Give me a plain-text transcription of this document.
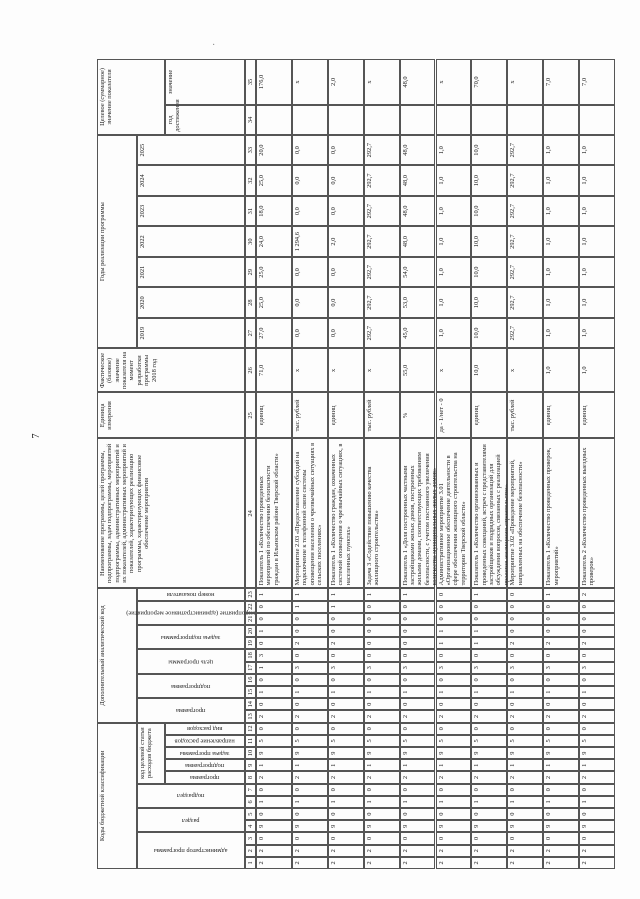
·
7
Коды бюджетной классификации
Дополнительный аналитический код
администратор программы
раздел
подраздел
код целевой статьи расходов бюджета	программа
подпрограмма
задача программы
направление расходов
вид расходов
программа
подпрограмма
цель программы
задача подпрограммы
мероприятие (административное мероприятие)
номер показателя
Наименование программы, целей программы, подпрограммы, задач подпрограммы, мероприятий подпрограммы, административных мероприятий и их показателей, административных мероприятий и показателей, характеризующих реализацию программы, характеризующих финансовое обеспечение мероприятия
Единица измерения
Фактическое (базовое) значение показателя на момент разработки программы 2018 год
Годы реализации программы
2019
2020
2021
2022
2023
2024
2025
Целевое (суммарное) значение показателя	год достижения
значение
1
2
3
4
5
6
7
8
9
10
11
12
13
14
15
16
17
18
19
20
21
22
23
24
25
26
27
28
29
30
31
32
33
34
35
2
2
0
9
0
1
0
2
1
9
5
0
2
0
1
0
1
3
0
1
0
0
1
Показатель 1 «Количество проведенных мероприятий по обеспечению безопасности граждан в Ильинском районе Тверской области»
единиц
71,0
27,0
25,0
25,0
24,0
18,0
25,0
20,0
176,0
2
2
0
9
0
1
0
2
1
9
5
0
2
0
1
0
3
0
2
0
0
1
1
Мероприятие 2.03 «Предоставление субсидий на подключение к телефонной связи системы оповещения населения о чрезвычайных ситуациях в сельских поселениях»
тыс. рублей
х
0,0
0,0
0,0
1 294,6
0,0
0,0
0,0
х
2
2
0
9
0
1
0
2
1
9
5
0
2
0
1
0
3
0
2
0
0
1
1
Показатель 1 «Количество граждан, охваченных системой оповещения о чрезвычайных ситуациях, в населенных пунктах»
единиц
х
0,0
0,0
0,0
2,0
0,0
0,0
0,0
2,0
2
2
0
9
0
1
0
2
1
9
5
0
2
0
1
0
3
0
0
0
0
0
1
Задача 3 «Содействие повышению качества жилищного строительства»
тыс. рублей
х
292,7
292,7
292,7
292,7
292,7
292,7
292,7
х
2
2
0
9
0
1
0
2
1
9
5
0
2
0
1
0
3
0
0
0
0
0
1
Показатель 1 «Доля построенных частными застройщиками жилых домов, построенных жилыми домами, соответствующих требованиям безопасности, с учетом постоянного увеличения количества муниципальных жилых домов»
%
55,0
45,0
53,0
54,0
48,0
48,0
48,0
48,0
48,0
2
2
0
9
0
1
0
2
1
9
5
0
2
0
1
0
3
0
1
1
0
0
0
Административное мероприятие 3.01 «Организационное обеспечение деятельности в сфере обеспечения жилищного строительства на территории Тверской области»
да - 1/нет - 0
х
1,0
1,0
1,0
1,0
1,0
1,0
1,0
х
2
2
0
9
0
1
0
2
1
9
5
0
2
0
1
0
3
0
1
1
0
0
1
Показатель 1 «Количество организованных и проведенных совещаний, встреч с представителями застройщиков и подрядных организаций для обсуждения вопросов, связанных с реализацией проектов жилищного строительства»
единиц
10,0
10,0
10,0
10,0
10,0
10,0
10,0
10,0
70,0
2
2
0
9
0
1
0
2
1
9
5
0
2
0
1
0
3
0
2
0
0
0
0
Мероприятие 3.02 «Проведение мероприятий, направленных на обеспечение безопасности»
тыс. рублей
х
292,7
292,7
292,7
292,7
292,7
292,7
292,7
х
2
2
0
9
0
1
0
2
1
9
5
0
2
0
1
0
3
0
2
0
0
0
1
Показатель 1 «Количество проведенных проверок, мероприятий»
единиц
1,0
1,0
1,0
1,0
1,0
1,0
1,0
1,0
7,0
2
2
0
9
0
1
0
2
1
9
5
0
2
0
1
0
3
0
2
0
0
0
2
Показатель 2 «Количество проведенных выездных проверок»
единиц
1,0
1,0
1,0
1,0
1,0
1,0
1,0
1,0
7,0
